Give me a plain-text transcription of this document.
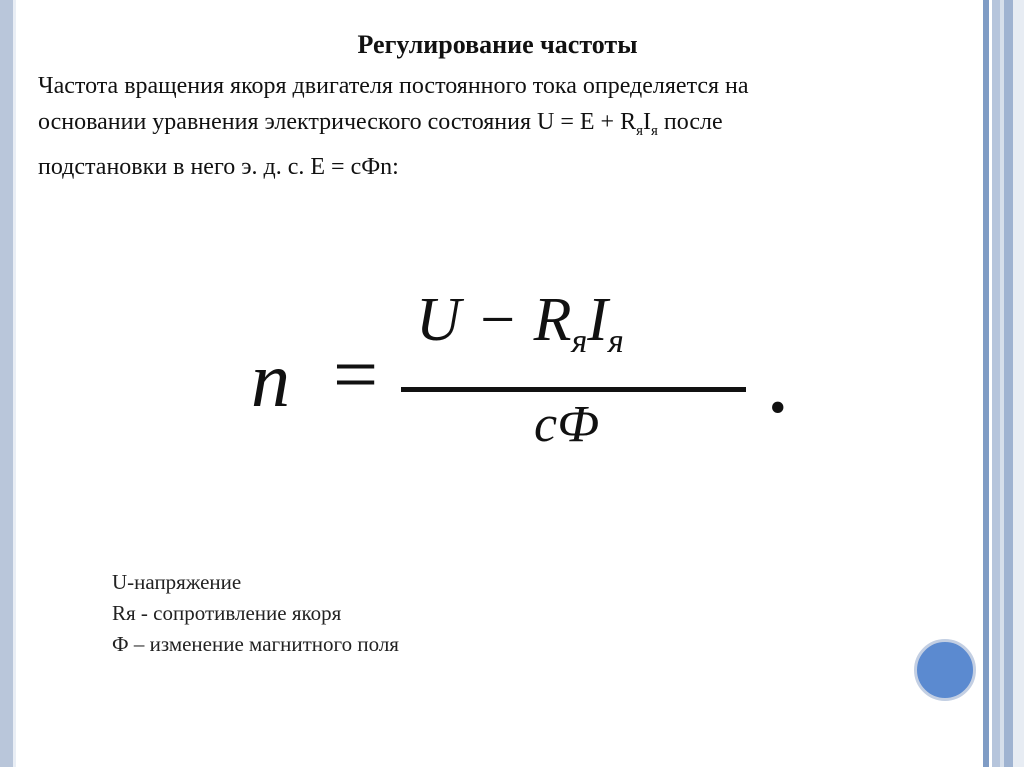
Регулирование частоты
Частота вращения якоря двигателя постоянного тока определяется на
основании уравнения электрического состояния $U = E + R_яI_я$ после
подстановки в него э. д. с. E = cФn:
n =
$U - R_яI_я$
cФ .
U-напряжение
Rя - сопротивление якоря
Ф – изменение магнитного поля
